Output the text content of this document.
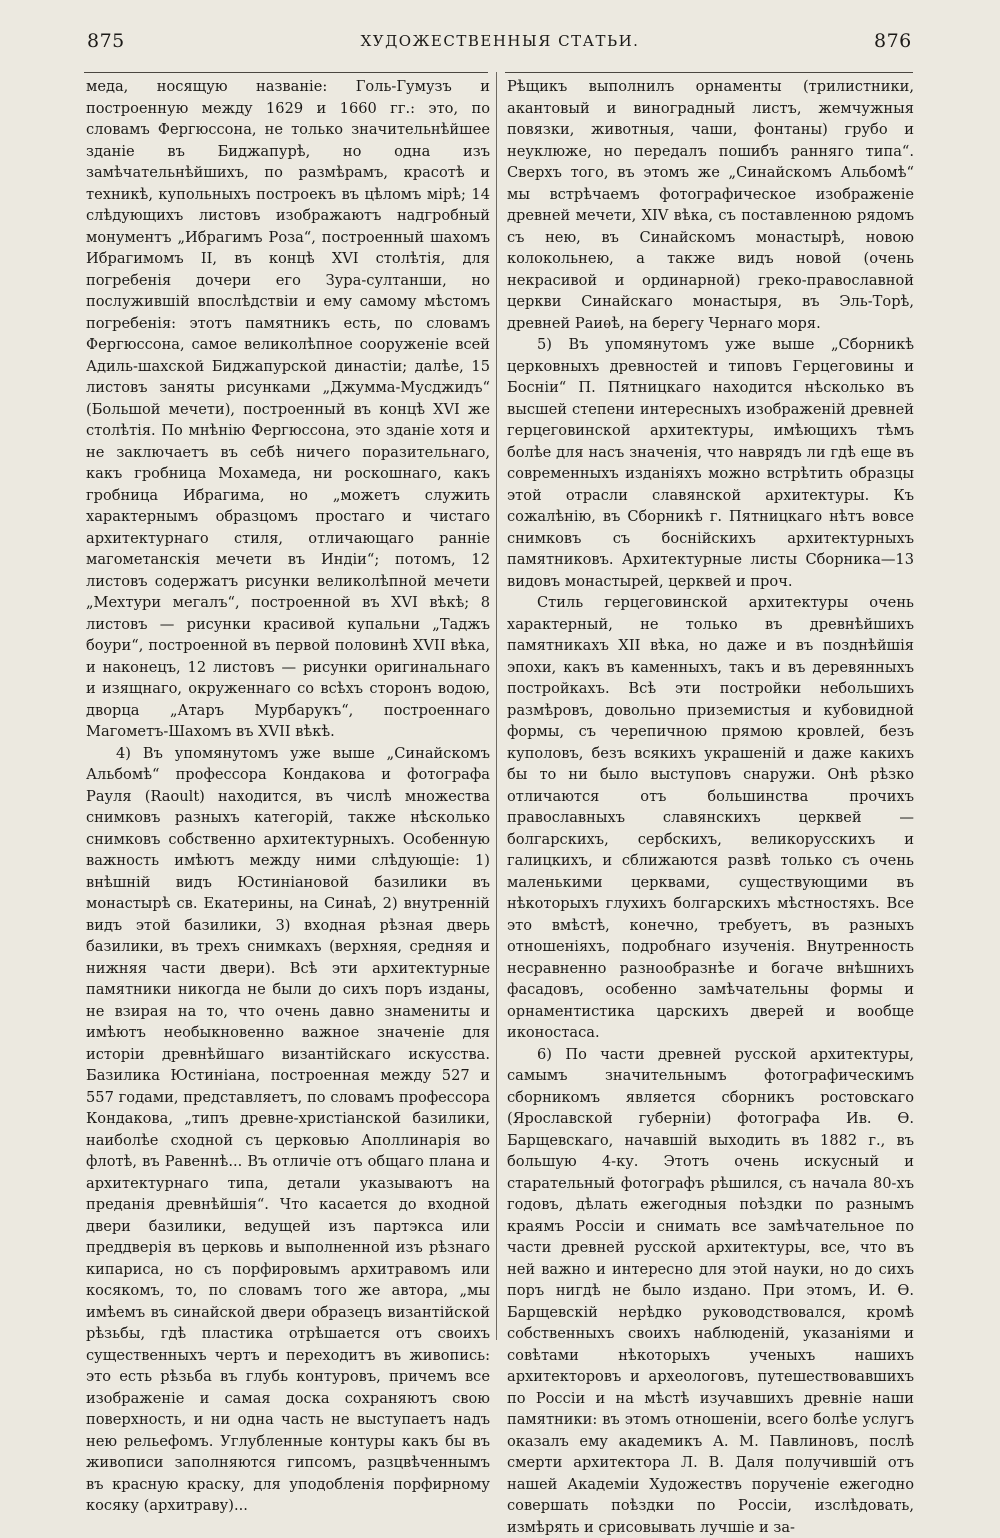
875	ХУДОЖЕСТВЕННЫЯ СТАТЬИ.	876

меда, носящую названіе: Голь-Гумузъ и построенную между 1629 и 1660 гг.: это, по словамъ Фергюссона, не только значительнѣйшее зданіе въ Биджапурѣ, но одна изъ замѣчательнѣйшихъ, по размѣрамъ, красотѣ и техникѣ, купольныхъ построекъ въ цѣломъ мірѣ; 14 слѣдующихъ листовъ изображаютъ надгробный монументъ „Ибрагимъ Роза“, построенный шахомъ Ибрагимомъ II, въ концѣ XVI столѣтія, для погребенія дочери его Зура-султанши, но послужившій впослѣдствіи и ему самому мѣстомъ погребенія: этотъ памятникъ есть, по словамъ Фергюссона, самое великолѣпное сооруженіе всей Адиль-шахской Биджапурской династіи; далѣе, 15 листовъ заняты рисунками „Джумма-Мусджидъ“ (Большой мечети), построенный въ концѣ XVI же столѣтія. По мнѣнію Фергюссона, это зданіе хотя и не заключаетъ въ себѣ ничего поразительнаго, какъ гробница Мохамеда, ни роскошнаго, какъ гробница Ибрагима, но „можетъ служить характернымъ образцомъ простаго и чистаго архитектурнаго стиля, отличающаго ранніе магометанскія мечети въ Индіи“; потомъ, 12 листовъ содержатъ рисунки великолѣпной мечети „Мехтури мегалъ“, построенной въ XVI вѣкѣ; 8 листовъ — рисунки красивой купальни „Таджъ боури“, построенной въ первой половинѣ XVII вѣка, и наконецъ, 12 листовъ — рисунки оригинальнаго и изящнаго, окруженнаго со всѣхъ сторонъ водою, дворца „Атаръ Мурбарукъ“, построеннаго Магометъ-Шахомъ въ XVII вѣкѣ.

4) Въ упомянутомъ уже выше „Синайскомъ Альбомѣ“ профессора Кондакова и фотографа Рауля (Raoult) находится, въ числѣ множества снимковъ разныхъ категорій, также нѣсколько снимковъ собственно архитектурныхъ. Особенную важность имѣютъ между ними слѣдующіе: 1) внѣшній видъ Юстиніановой базилики въ монастырѣ св. Екатерины, на Синаѣ, 2) внутренній видъ этой базилики, 3) входная рѣзная дверь базилики, въ трехъ снимкахъ (верхняя, средняя и нижняя части двери). Всѣ эти архитектурные памятники никогда не были до сихъ поръ изданы, не взирая на то, что очень давно знамениты и имѣютъ необыкновенно важное значеніе для исторіи древнѣйшаго византійскаго искусства. Базилика Юстиніана, построенная между 527 и 557 годами, представляетъ, по словамъ профессора Кондакова, „типъ древне-христіанской базилики, наиболѣе сходной съ церковью Аполлинарія во флотѣ, въ Равеннѣ... Въ отличіе отъ общаго плана и архитектурнаго типа, детали указываютъ на преданія древнѣйшія“. Что касается до входной двери базилики, ведущей изъ партэкса или преддверія въ церковь и выполненной изъ рѣзнаго кипариса, но съ порфировымъ архитравомъ или косякомъ, то, по словамъ того же автора, „мы имѣемъ въ синайской двери образецъ византійской рѣзьбы, гдѣ пластика отрѣшается отъ своихъ существенныхъ чертъ и переходитъ въ живопись: это есть рѣзьба въ глубь контуровъ, причемъ все изображеніе и самая доска сохраняютъ свою поверхность, и ни одна часть не выступаетъ надъ нею рельефомъ. Углубленные контуры какъ бы въ живописи заполняются гипсомъ, разцвѣченнымъ въ красную краску, для уподобленія порфирному косяку (архитраву)...

Рѣщикъ выполнилъ орнаменты (трилистники, акантовый и виноградный листъ, жемчужныя повязки, животныя, чаши, фонтаны) грубо и неуклюже, но передалъ пошибъ ранняго типа“. Сверхъ того, въ этомъ же „Синайскомъ Альбомѣ“ мы встрѣчаемъ фотографическое изображеніе древней мечети, XIV вѣка, съ поставленною рядомъ съ нею, въ Синайскомъ монастырѣ, новою колокольнею, а также видъ новой (очень некрасивой и ординарной) греко-православной церкви Синайскаго монастыря, въ Эль-Торѣ, древней Раиѳѣ, на берегу Чернаго моря.

5) Въ упомянутомъ уже выше „Сборникѣ церковныхъ древностей и типовъ Герцеговины и Босніи“ П. Пятницкаго находится нѣсколько въ высшей степени интересныхъ изображеній древней герцеговинской архитектуры, имѣющихъ тѣмъ болѣе для насъ значенія, что наврядъ ли гдѣ еще въ современныхъ изданіяхъ можно встрѣтить образцы этой отрасли славянской архитектуры. Къ сожалѣнію, въ Сборникѣ г. Пятницкаго нѣтъ вовсе снимковъ съ боснійскихъ архитектурныхъ памятниковъ. Архитектурные листы Сборника—13 видовъ монастырей, церквей и проч.

Стиль герцеговинской архитектуры очень характерный, не только въ древнѣйшихъ памятникахъ XII вѣка, но даже и въ позднѣйшія эпохи, какъ въ каменныхъ, такъ и въ деревянныхъ постройкахъ. Всѣ эти постройки небольшихъ размѣровъ, довольно приземистыя и кубовидной формы, съ черепичною прямою кровлей, безъ куполовъ, безъ всякихъ украшеній и даже какихъ бы то ни было выступовъ снаружи. Онѣ рѣзко отличаются отъ большинства прочихъ православныхъ славянскихъ церквей — болгарскихъ, сербскихъ, великорусскихъ и галицкихъ, и сближаются развѣ только съ очень маленькими церквами, существующими въ нѣкоторыхъ глухихъ болгарскихъ мѣстностяхъ. Все это вмѣстѣ, конечно, требуетъ, въ разныхъ отношеніяхъ, подробнаго изученія. Внутренность несравненно разнообразнѣе и богаче внѣшнихъ фасадовъ, особенно замѣчательны формы и орнаментистика царскихъ дверей и вообще иконостаса.

6) По части древней русской архитектуры, самымъ значительнымъ фотографическимъ сборникомъ является сборникъ ростовскаго (Ярославской губерніи) фотографа Ив. Ѳ. Барщевскаго, начавшій выходить въ 1882 г., въ большую 4-ку. Этотъ очень искусный и старательный фотографъ рѣшился, съ начала 80-хъ годовъ, дѣлать ежегодныя поѣздки по разнымъ краямъ Россіи и снимать все замѣчательное по части древней русской архитектуры, все, что въ ней важно и интересно для этой науки, но до сихъ поръ нигдѣ не было издано. При этомъ, И. Ѳ. Барщевскій нерѣдко руководствовался, кромѣ собственныхъ своихъ наблюденій, указаніями и совѣтами нѣкоторыхъ ученыхъ нашихъ архитекторовъ и археологовъ, путешествовавшихъ по Россіи и на мѣстѣ изучавшихъ древніе наши памятники: въ этомъ отношеніи, всего болѣе услугъ оказалъ ему академикъ А. М. Павлиновъ, послѣ смерти архитектора Л. В. Даля получившій отъ нашей Академіи Художествъ порученіе ежегодно совершать поѣздки по Россіи, изслѣдовать, измѣрять и срисовывать лучшіе и за-
